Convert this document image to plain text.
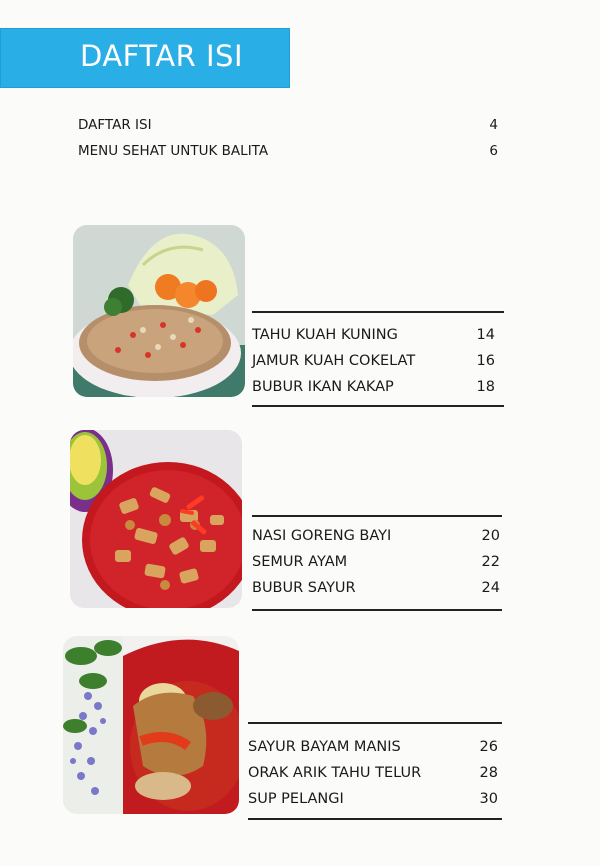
DAFTAR ISI
DAFTAR ISI	4
MENU SEHAT UNTUK BALITA	6
TAHU KUAH KUNING	14
JAMUR KUAH COKELAT	16
BUBUR IKAN KAKAP	18
NASI GORENG BAYI	20
SEMUR AYAM	22
BUBUR SAYUR	24
SAYUR BAYAM MANIS	26
ORAK ARIK TAHU TELUR	28
SUP PELANGI	30
